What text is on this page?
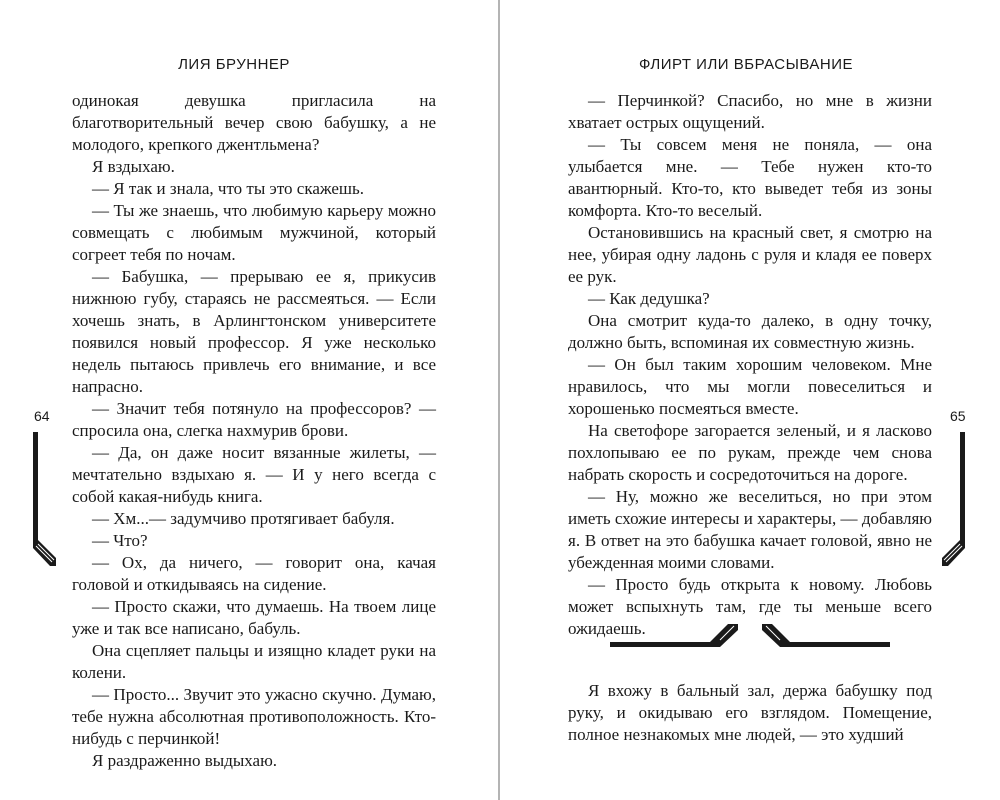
ЛИЯ БРУННЕР

одинокая девушка пригласила на благотворительный вечер свою бабушку, а не молодого, крепкого джентльмена?

Я вздыхаю.

— Я так и знала, что ты это скажешь.

— Ты же знаешь, что любимую карьеру можно совмещать с любимым мужчиной, который согреет тебя по ночам.

— Бабушка, — прерываю ее я, прикусив нижнюю губу, стараясь не рассмеяться. — Если хочешь знать, в Арлингтонском университете появился новый профессор. Я уже несколько недель пытаюсь привлечь его внимание, и все напрасно.

— Значит тебя потянуло на профессоров? — спросила она, слегка нахмурив брови.

— Да, он даже носит вязанные жилеты, — мечтательно вздыхаю я. — И у него всегда с собой какая-нибудь книга.

— Хм...— задумчиво протягивает бабуля.

— Что?

— Ох, да ничего, — говорит она, качая головой и откидываясь на сидение.

— Просто скажи, что думаешь. На твоем лице уже и так все написано, бабуль.

Она сцепляет пальцы и изящно кладет руки на колени.

— Просто... Звучит это ужасно скучно. Думаю, тебе нужна абсолютная противоположность. Кто-нибудь с перчинкой!

Я раздраженно выдыхаю.

64
ФЛИРТ ИЛИ ВБРАСЫВАНИЕ

— Перчинкой? Спасибо, но мне в жизни хватает острых ощущений.

— Ты совсем меня не поняла, — она улыбается мне. — Тебе нужен кто-то авантюрный. Кто-то, кто выведет тебя из зоны комфорта. Кто-то веселый.

Остановившись на красный свет, я смотрю на нее, убирая одну ладонь с руля и кладя ее поверх ее рук.

— Как дедушка?

Она смотрит куда-то далеко, в одну точку, должно быть, вспоминая их совместную жизнь.

— Он был таким хорошим человеком. Мне нравилось, что мы могли повеселиться и хорошенько посмеяться вместе.

На светофоре загорается зеленый, и я ласково похлопываю ее по рукам, прежде чем снова набрать скорость и сосредоточиться на дороге.

— Ну, можно же веселиться, но при этом иметь схожие интересы и характеры, — добавляю я. В ответ на это бабушка качает головой, явно не убежденная моими словами.

— Просто будь открыта к новому. Любовь может вспыхнуть там, где ты меньше всего ожидаешь.

Я вхожу в бальный зал, держа бабушку под руку, и окидываю его взглядом. Помещение, полное незнакомых мне людей, — это худший

65
